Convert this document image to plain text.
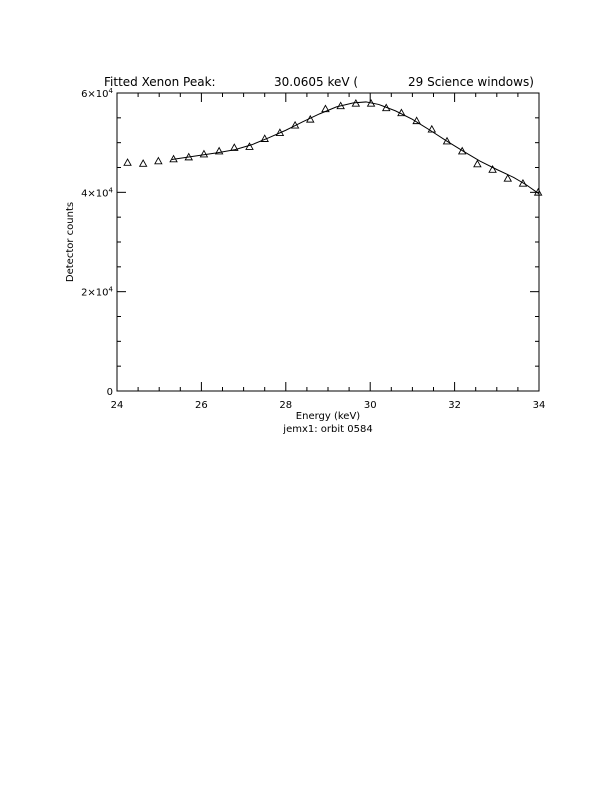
Fitted Xenon Peak:	30.0605 keV (	29 Science windows)
24	26	28	30	32	34
0
$2\times 10^4$
$4\times 10^4$
$6\times 10^4$
Energy (keV)
jemx1: orbit 0584
Detector counts
